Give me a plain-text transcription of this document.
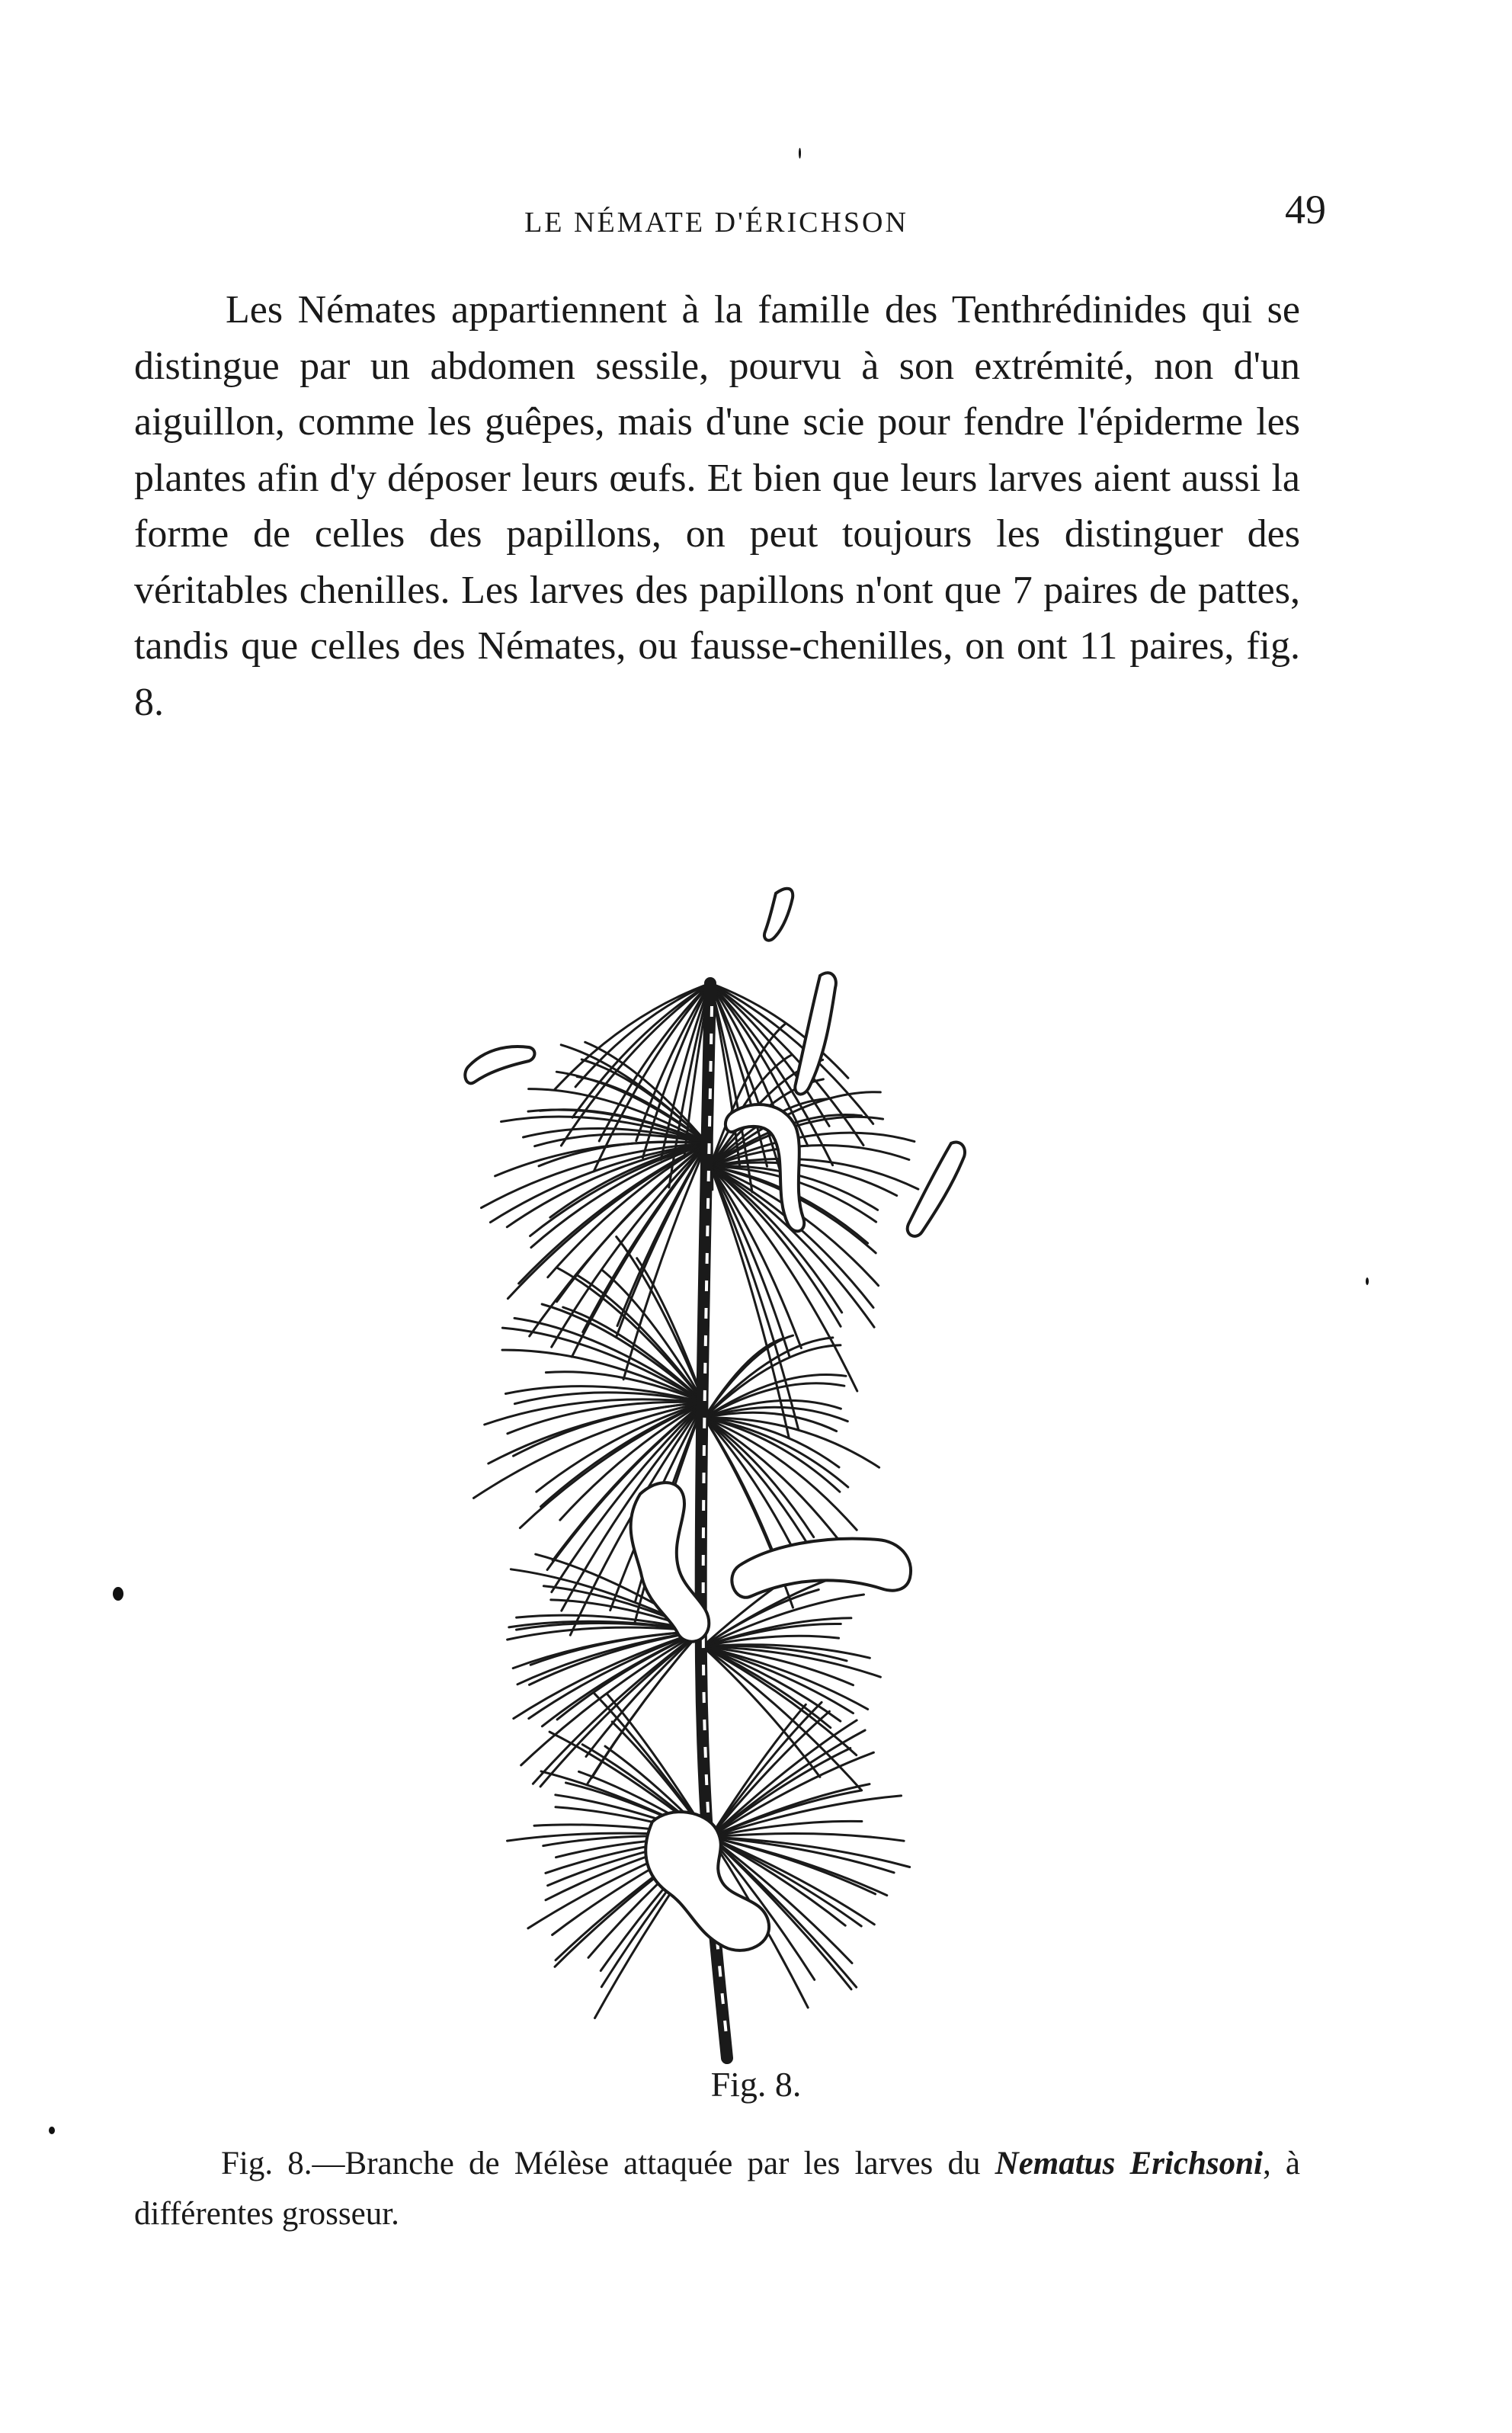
LE NÉMATE D'ÉRICHSON	49

Les Némates appartiennent à la famille des Tenthrédinides qui se distingue par un abdomen sessile, pourvu à son extrémité, non d'un aiguillon, comme les guêpes, mais d'une scie pour fendre l'épiderme les plantes afin d'y déposer leurs œufs. Et bien que leurs larves aient aussi la forme de celles des papillons, on peut toujours les distinguer des véritables chenilles. Les larves des papillons n'ont que 7 paires de pattes, tandis que celles des Némates, ou fausse-chenilles, on ont 11 paires, fig. 8.

Fig. 8.
Fig. 8.—Branche de Mélèse attaquée par les larves du Nematus Erichsoni, à différentes grosseur.
